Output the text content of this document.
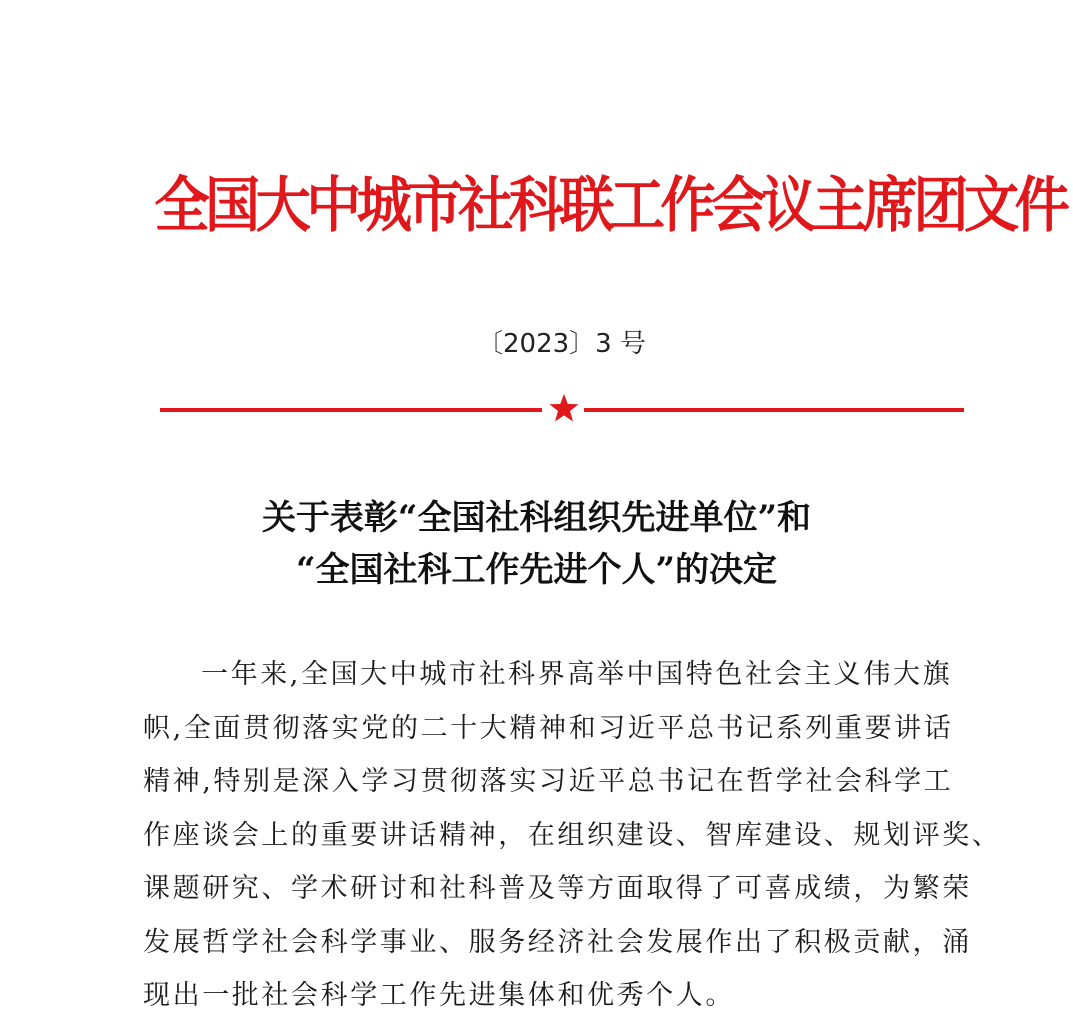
全国大中城市社科联工作会议主席团文件
〔2023〕3 号
关于表彰“全国社科组织先进单位”和
“全国社科工作先进个人”的决定
一年来,全国大中城市社科界高举中国特色社会主义伟大旗
帜,全面贯彻落实党的二十大精神和习近平总书记系列重要讲话
精神,特别是深入学习贯彻落实习近平总书记在哲学社会科学工
作座谈会上的重要讲话精神，在组织建设、智库建设、规划评奖、
课题研究、学术研讨和社科普及等方面取得了可喜成绩，为繁荣
发展哲学社会科学事业、服务经济社会发展作出了积极贡献，涌
现出一批社会科学工作先进集体和优秀个人。
